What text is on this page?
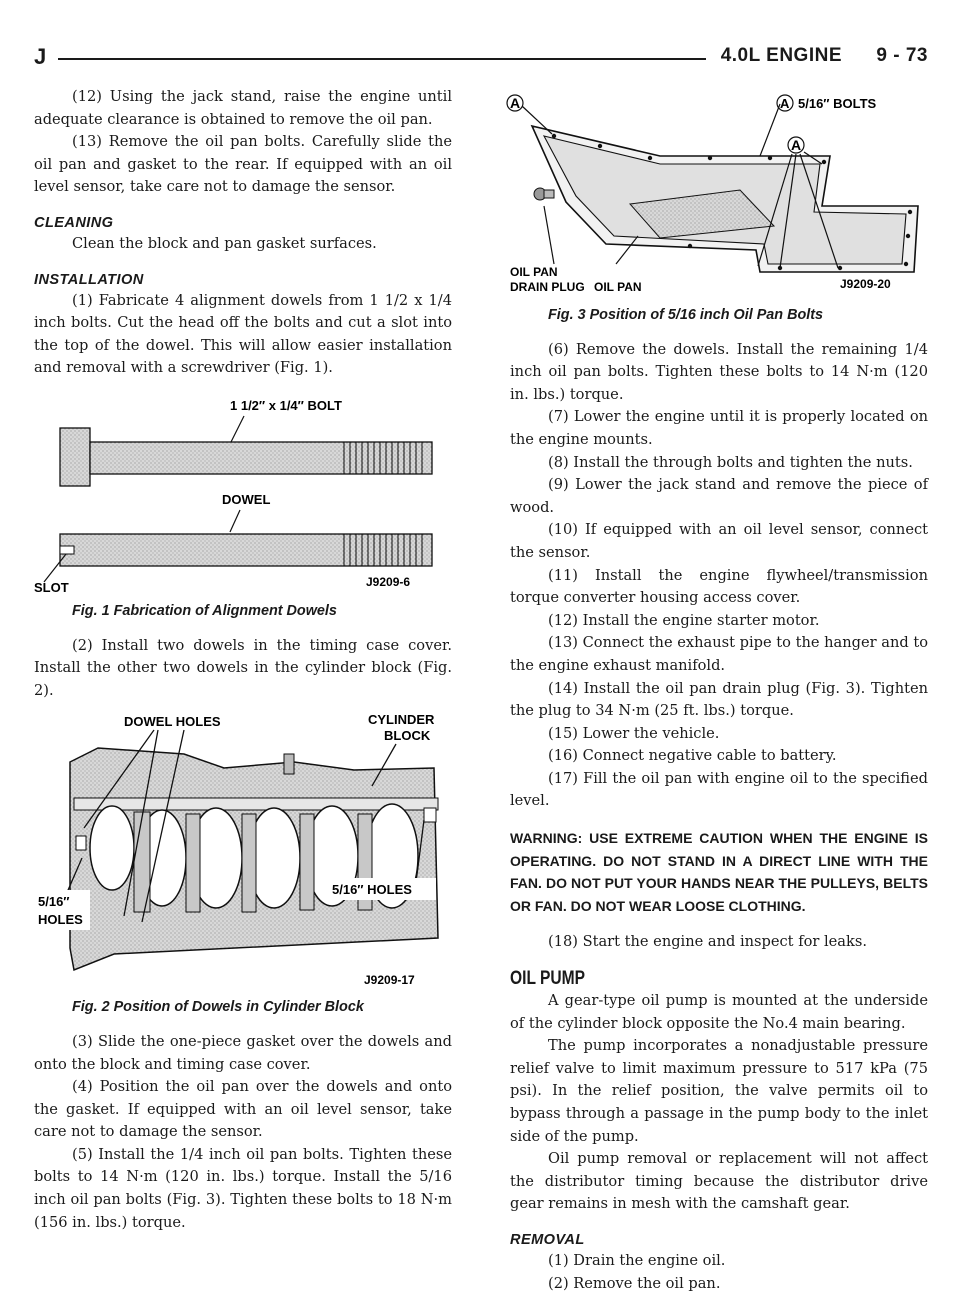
J	4.0L ENGINE 9 - 73

(12) Using the jack stand, raise the engine until adequate clearance is obtained to remove the oil pan.

(13) Remove the oil pan bolts. Carefully slide the oil pan and gasket to the rear. If equipped with an oil level sensor, take care not to damage the sensor.

CLEANING

Clean the block and pan gasket surfaces.

INSTALLATION

(1) Fabricate 4 alignment dowels from 1 1/2 x 1/4 inch bolts. Cut the head off the bolts and cut a slot into the top of the dowel. This will allow easier installation and removal with a screwdriver (Fig. 1).

1 1/2″ x 1/4″ BOLT
DOWEL
SLOT	J9209-6

Fig. 1 Fabrication of Alignment Dowels

(2) Install two dowels in the timing case cover. Install the other two dowels in the cylinder block (Fig. 2).

DOWEL HOLES	CYLINDER
BLOCK
5/16″
HOLES
5/16″ HOLES
J9209-17

Fig. 2 Position of Dowels in Cylinder Block

(3) Slide the one-piece gasket over the dowels and onto the block and timing case cover.

(4) Position the oil pan over the dowels and onto the gasket. If equipped with an oil level sensor, take care not to damage the sensor.

(5) Install the 1/4 inch oil pan bolts. Tighten these bolts to 14 N·m (120 in. lbs.) torque. Install the 5/16 inch oil pan bolts (Fig. 3). Tighten these bolts to 18 N·m (156 in. lbs.) torque.

A	A 5/16″ BOLTS
A
OIL PAN
DRAIN PLUG OIL PAN	J9209-20

Fig. 3 Position of 5/16 inch Oil Pan Bolts

(6) Remove the dowels. Install the remaining 1/4 inch oil pan bolts. Tighten these bolts to 14 N·m (120 in. lbs.) torque.

(7) Lower the engine until it is properly located on the engine mounts.

(8) Install the through bolts and tighten the nuts.

(9) Lower the jack stand and remove the piece of wood.

(10) If equipped with an oil level sensor, connect the sensor.

(11) Install the engine flywheel/transmission torque converter housing access cover.

(12) Install the engine starter motor.

(13) Connect the exhaust pipe to the hanger and to the engine exhaust manifold.

(14) Install the oil pan drain plug (Fig. 3). Tighten the plug to 34 N·m (25 ft. lbs.) torque.

(15) Lower the vehicle.

(16) Connect negative cable to battery.

(17) Fill the oil pan with engine oil to the specified level.

WARNING: USE EXTREME CAUTION WHEN THE ENGINE IS OPERATING. DO NOT STAND IN A DIRECT LINE WITH THE FAN. DO NOT PUT YOUR HANDS NEAR THE PULLEYS, BELTS OR FAN. DO NOT WEAR LOOSE CLOTHING.

(18) Start the engine and inspect for leaks.

OIL PUMP

A gear-type oil pump is mounted at the underside of the cylinder block opposite the No.4 main bearing.

The pump incorporates a nonadjustable pressure relief valve to limit maximum pressure to 517 kPa (75 psi). In the relief position, the valve permits oil to bypass through a passage in the pump body to the inlet side of the pump.

Oil pump removal or replacement will not affect the distributor timing because the distributor drive gear remains in mesh with the camshaft gear.

REMOVAL

(1) Drain the engine oil.

(2) Remove the oil pan.
